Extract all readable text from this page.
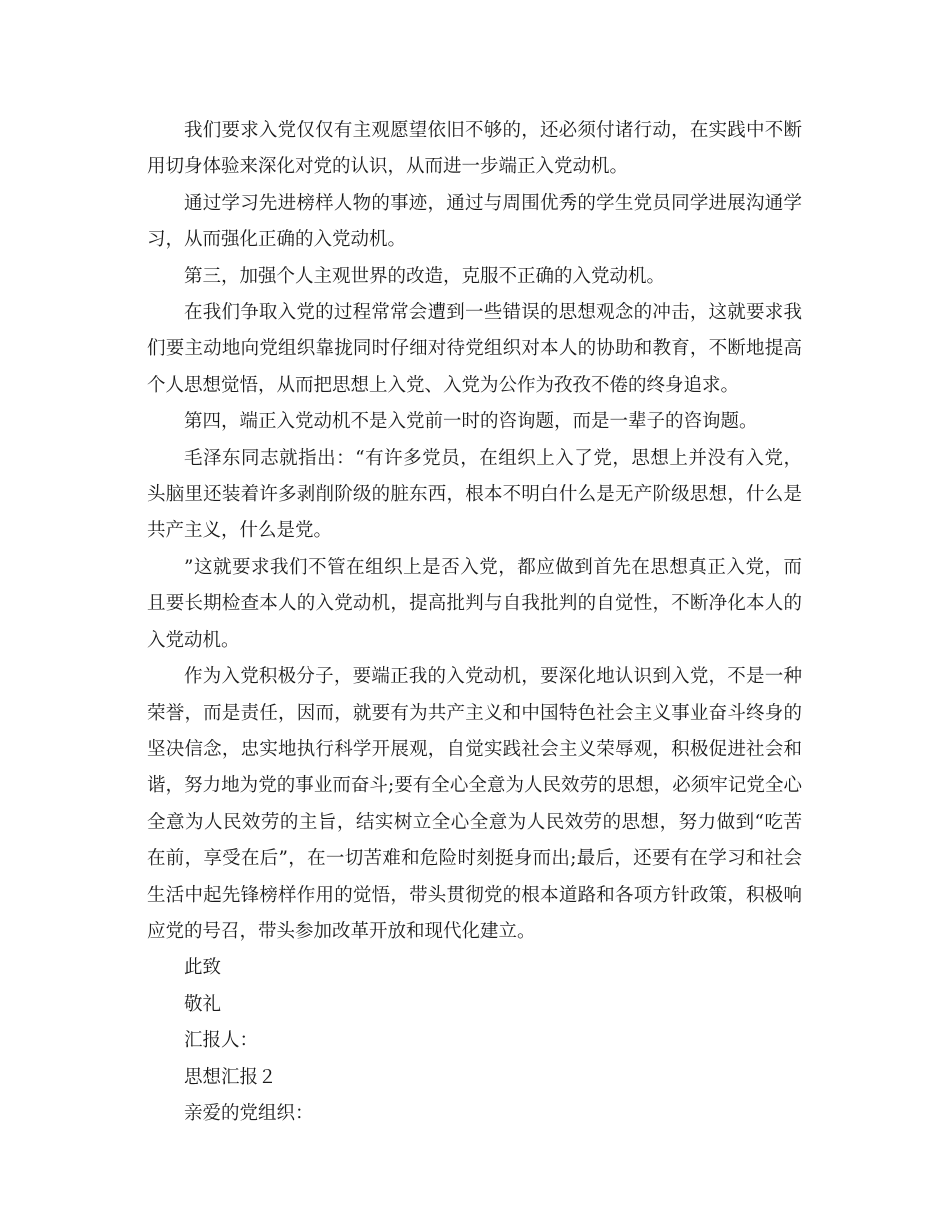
我们要求入党仅仅有主观愿望依旧不够的，还必须付诸行动，在实践中不断用切身体验来深化对党的认识，从而进一步端正入党动机。

通过学习先进榜样人物的事迹，通过与周围优秀的学生党员同学进展沟通学习，从而强化正确的入党动机。

第三，加强个人主观世界的改造，克服不正确的入党动机。

在我们争取入党的过程常常会遭到一些错误的思想观念的冲击，这就要求我们要主动地向党组织靠拢同时仔细对待党组织对本人的协助和教育，不断地提高个人思想觉悟，从而把思想上入党、入党为公作为孜孜不倦的终身追求。

第四，端正入党动机不是入党前一时的咨询题，而是一辈子的咨询题。

毛泽东同志就指出：“有许多党员，在组织上入了党，思想上并没有入党，头脑里还装着许多剥削阶级的脏东西，根本不明白什么是无产阶级思想，什么是共产主义，什么是党。

”这就要求我们不管在组织上是否入党，都应做到首先在思想真正入党，而且要长期检查本人的入党动机，提高批判与自我批判的自觉性，不断净化本人的入党动机。

作为入党积极分子，要端正我的入党动机，要深化地认识到入党，不是一种荣誉，而是责任，因而，就要有为共产主义和中国特色社会主义事业奋斗终身的坚决信念，忠实地执行科学开展观，自觉实践社会主义荣辱观，积极促进社会和谐，努力地为党的事业而奋斗;要有全心全意为人民效劳的思想，必须牢记党全心全意为人民效劳的主旨，结实树立全心全意为人民效劳的思想，努力做到“吃苦在前，享受在后”，在一切苦难和危险时刻挺身而出;最后，还要有在学习和社会生活中起先锋榜样作用的觉悟，带头贯彻党的根本道路和各项方针政策，积极响应党的号召，带头参加改革开放和现代化建立。

此致

敬礼

汇报人：

思想汇报２

亲爱的党组织：
